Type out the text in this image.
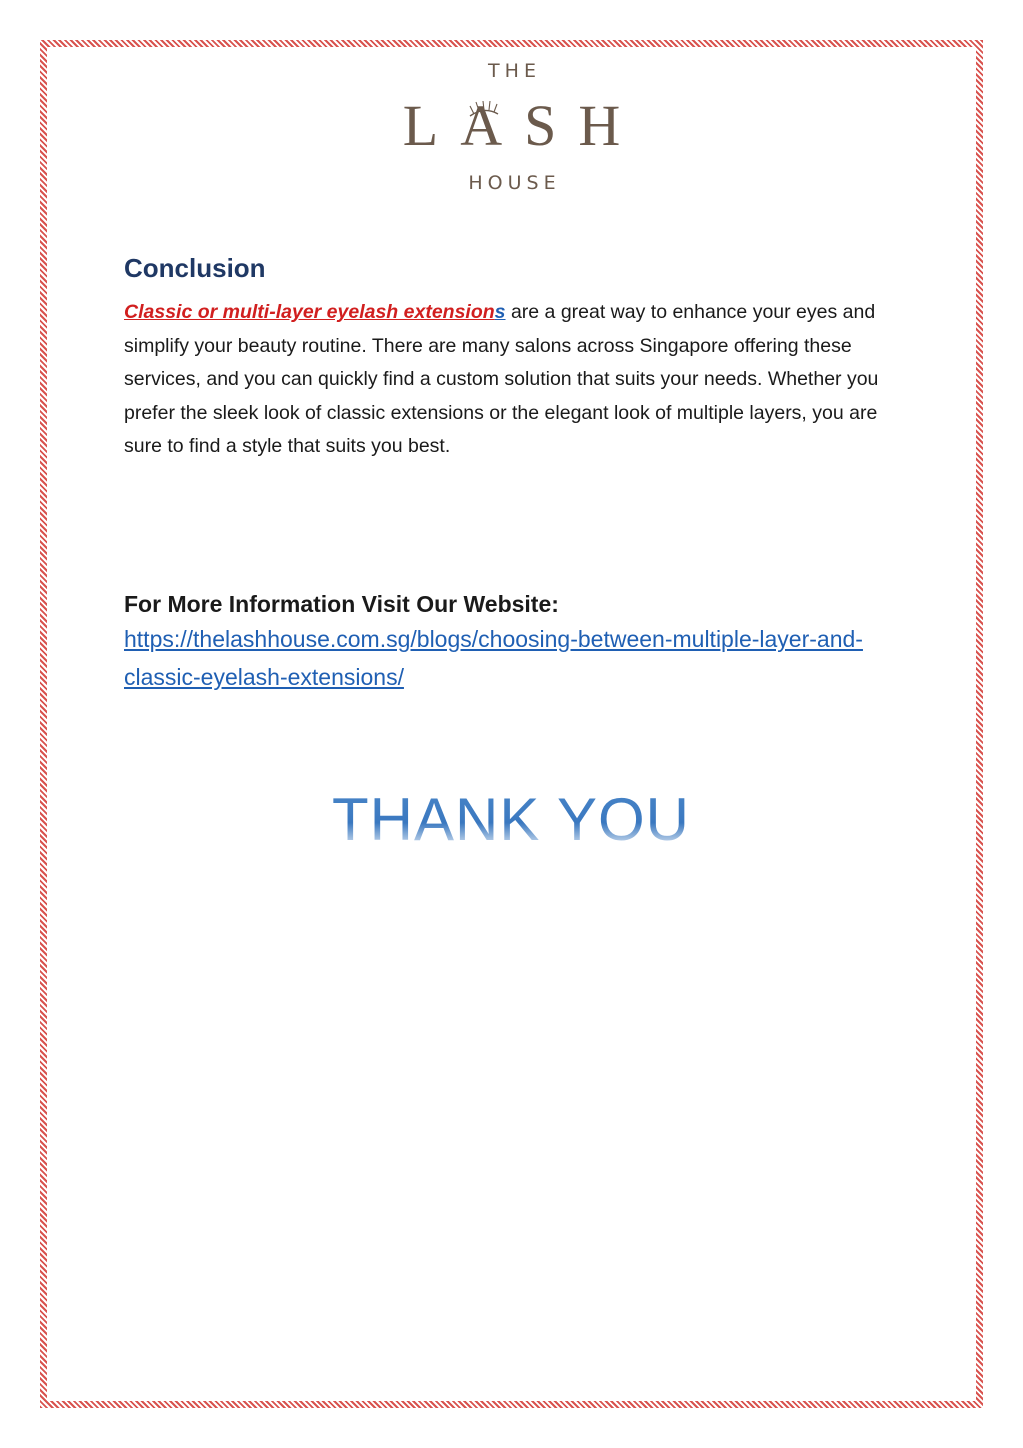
THE
LASH
HOUSE
Conclusion

Classic or multi-layer eyelash extensions are a great way to enhance your eyes and simplify your beauty routine. There are many salons across Singapore offering these services, and you can quickly find a custom solution that suits your needs. Whether you prefer the sleek look of classic extensions or the elegant look of multiple layers, you are sure to find a style that suits you best.

For More Information Visit Our Website:

https://thelashhouse.com.sg/blogs/choosing-between-multiple-layer-and-classic-eyelash-extensions/
THANK YOU
